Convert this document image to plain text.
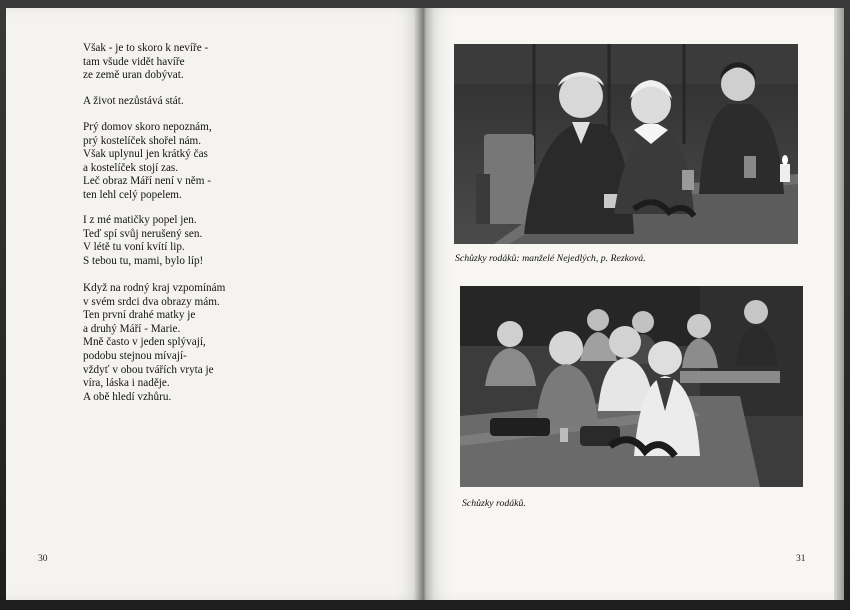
Však - je to skoro k nevíře -
tam všude vidět havíře
ze země uran dobývat.
A život nezůstává stát.
Prý domov skoro nepoznám,
prý kostelíček shořel nám.
Však uplynul jen krátký čas
a kostelíček stojí zas.
Leč obraz Máří není v něm -
ten lehl celý popelem.
I z mé matičky popel jen.
Teď spí svůj nerušený sen.
V létě tu voní kvítí lip.
S tebou tu, mami, bylo líp!
Když na rodný kraj vzpomínám
v svém srdci dva obrazy mám.
Ten první drahé matky je
a druhý Máří - Marie.
Mně často v jeden splývají,
podobu stejnou mívají-
vždyť v obou tvářích vryta je
víra, láska i naděje.
A obě hledí vzhůru.
30
Schůzky rodáků: manželé Nejedlých, p. Rezková.
Schůzky rodáků.
31
